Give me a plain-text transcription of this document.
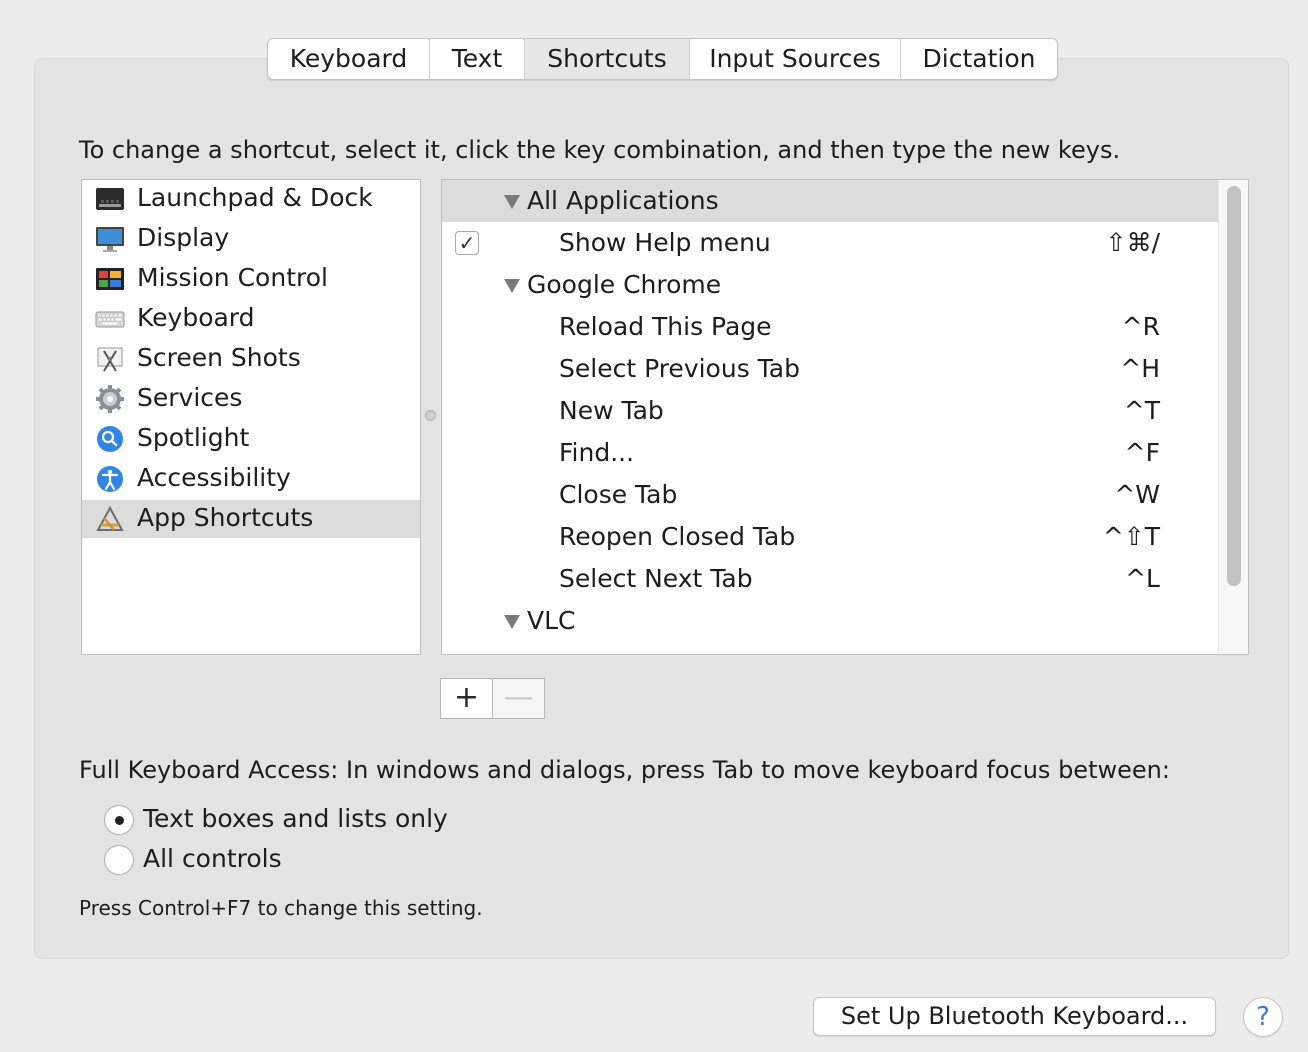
Keyboard	Text	Shortcuts	Input Sources	Dictation
To change a shortcut, select it, click the key combination, and then type the new keys.
Launchpad & Dock
Display
Mission Control
Keyboard
Screen Shots
Services
Spotlight
Accessibility
App Shortcuts
All Applications
✓	Show Help menu	⇧⌘/
Google Chrome
Reload This Page	^R
Select Previous Tab	^H
New Tab	^T
Find...	^F
Close Tab	^W
Reopen Closed Tab	^⇧T
Select Next Tab	^L
VLC
+ —
Full Keyboard Access: In windows and dialogs, press Tab to move keyboard focus between:
Text boxes and lists only
All controls
Press Control+F7 to change this setting.
Set Up Bluetooth Keyboard...	?
